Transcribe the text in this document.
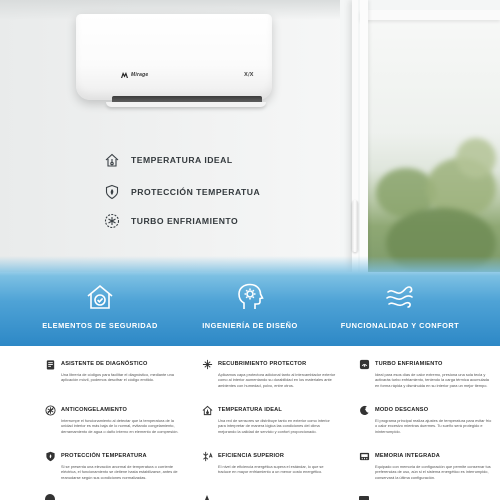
Mirage	X/X
TEMPERATURA IDEAL
PROTECCIÓN TEMPERATUA
TURBO ENFRIAMIENTO
ELEMENTOS DE SEGURIDAD	INGENIERÍA DE DISEÑO	FUNCIONALIDAD Y CONFORT
ASISTENTE DE DIAGNÓSTICO
Una librería de códigos para facilitar el diagnóstico, mediante una aplicación móvil, podemos descifrar el código emitido.
RECUBRIMIENTO PROTECTOR
Aplicamos capa protectora adicional tanto al intercambiador exterior como al interior aumentando su durabilidad en los materiales ante ambientes con humedad, polvo, entre otros.
TURBO ENFRIAMIENTO
Ideal para esos días de calor extremo, presiona una sola tecla y activarás turbo enfriamiento, teniendo la carga térmica acumulada en forma rápida y disminuida en su interior para un mejor tiempo.
ANTICONGELAMIENTO
Interrumpe el funcionamiento al detectar que la temperatura de la unidad interior es más baja de lo normal, evitando congelamiento, derramamiento de agua o daño interno en elemento de compresión.
TEMPERATURA IDEAL
Una red de sensores se distribuye tanto en exterior como interior para interpretar de manera lógica las condiciones del clima mejorando la calidad de servicio y confort proporcionado.
MODO DESCANSO
El programa principal realiza ajustes de temperatura para evitar frío o calor excesivo mientras duermes. Tu sueño será protegido e ininterrumpido.
PROTECCIÓN TEMPERATURA
Si se presenta una elevación anormal de temperatura o corriente eléctrica, el funcionamiento se detiene hasta estabilizarse, antes de reanudarse según sus condiciones normalizadas.
EFICIENCIA SUPERIOR
El nivel de eficiencia energética supera el estándar, lo que se traduce en mayor enfriamiento a un menor costo energético.
MEMORIA INTEGRADA
Equipado con memoria de configuración que permite conservar tus preferencias de uso, aún si el sistema energético es interrumpido, conservará la última configuración.
